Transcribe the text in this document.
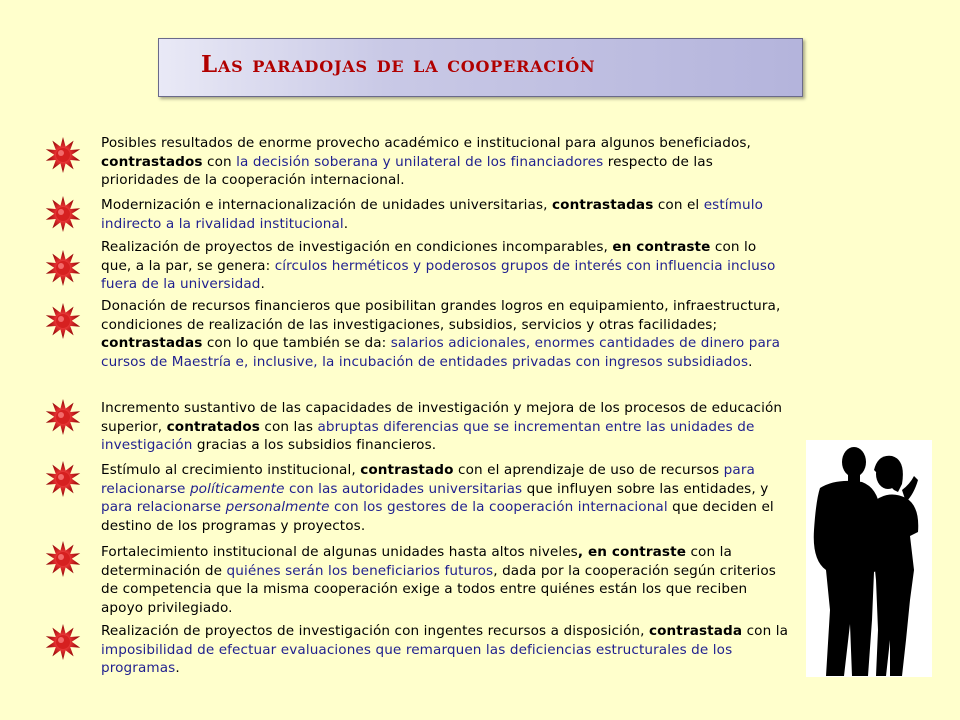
Las paradojas de la cooperación
Posibles resultados de enorme provecho académico e institucional para algunos beneficiados, contrastados con la decisión soberana y unilateral de los financiadores respecto de las prioridades de la cooperación internacional.
Modernización e internacionalización de unidades universitarias, contrastadas con el estímulo indirecto a la rivalidad institucional.
Realización de proyectos de investigación en condiciones incomparables, en contraste con lo que, a la par, se genera: círculos herméticos y poderosos grupos de interés con influencia incluso fuera de la universidad.
Donación de recursos financieros que posibilitan grandes logros en equipamiento, infraestructura, condiciones de realización de las investigaciones, subsidios, servicios y otras facilidades; contrastadas con lo que también se da: salarios adicionales, enormes cantidades de dinero para cursos de Maestría e, inclusive, la incubación de entidades privadas con ingresos subsidiados.
Incremento sustantivo de las capacidades de investigación y mejora de los procesos de educación superior, contratados con las abruptas diferencias que se incrementan entre las unidades de investigación gracias a los subsidios financieros.
Estímulo al crecimiento institucional, contrastado con el aprendizaje de uso de recursos para relacionarse políticamente con las autoridades universitarias que influyen sobre las entidades, y para relacionarse personalmente con los gestores de la cooperación internacional que deciden el destino de los programas y proyectos.
Fortalecimiento institucional de algunas unidades hasta altos niveles, en contraste con la determinación de quiénes serán los beneficiarios futuros, dada por la cooperación según criterios de competencia que la misma cooperación exige a todos entre quiénes están los que reciben apoyo privilegiado.
Realización de proyectos de investigación con ingentes recursos a disposición, contrastada con la imposibilidad de efectuar evaluaciones que remarquen las deficiencias estructurales de los programas.
